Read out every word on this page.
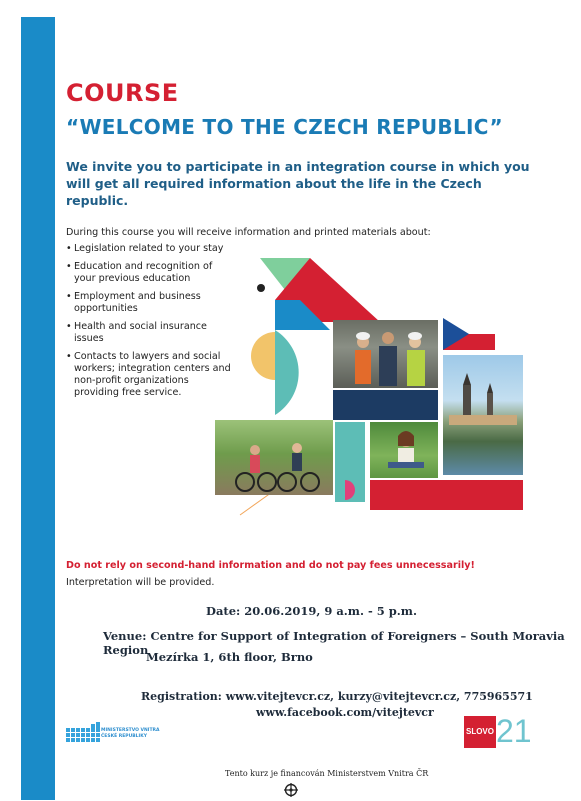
COURSE
“WELCOME TO THE CZECH REPUBLIC”
We invite you to participate in an integration course in which you will get all required information about the life in the Czech republic.
During this course you will receive information and printed materials about:
• Legislation related to your stay
• Education and recognition of your previous education
• Employment and business opportunities
• Health and social insurance issues
• Contacts to lawyers and social workers; integration centers and non-profit organizations providing free service.
Do not rely on second-hand information and do not pay fees unnecessarily!
Interpretation will be provided.
Date: 20.06.2019, 9 a.m. - 5 p.m.
Venue: Centre for Support of Integration of Foreigners – South Moravia Region
Mezírka 1, 6th floor, Brno
Registration: www.vitejtevcr.cz, kurzy@vitejtevcr.cz, 775965571
www.facebook.com/vitejtevcr
MINISTERSTVO VNITRA
ČESKÉ REPUBLIKY
SLOVO 21
Tento kurz je financován Ministerstvem Vnitra ČR
